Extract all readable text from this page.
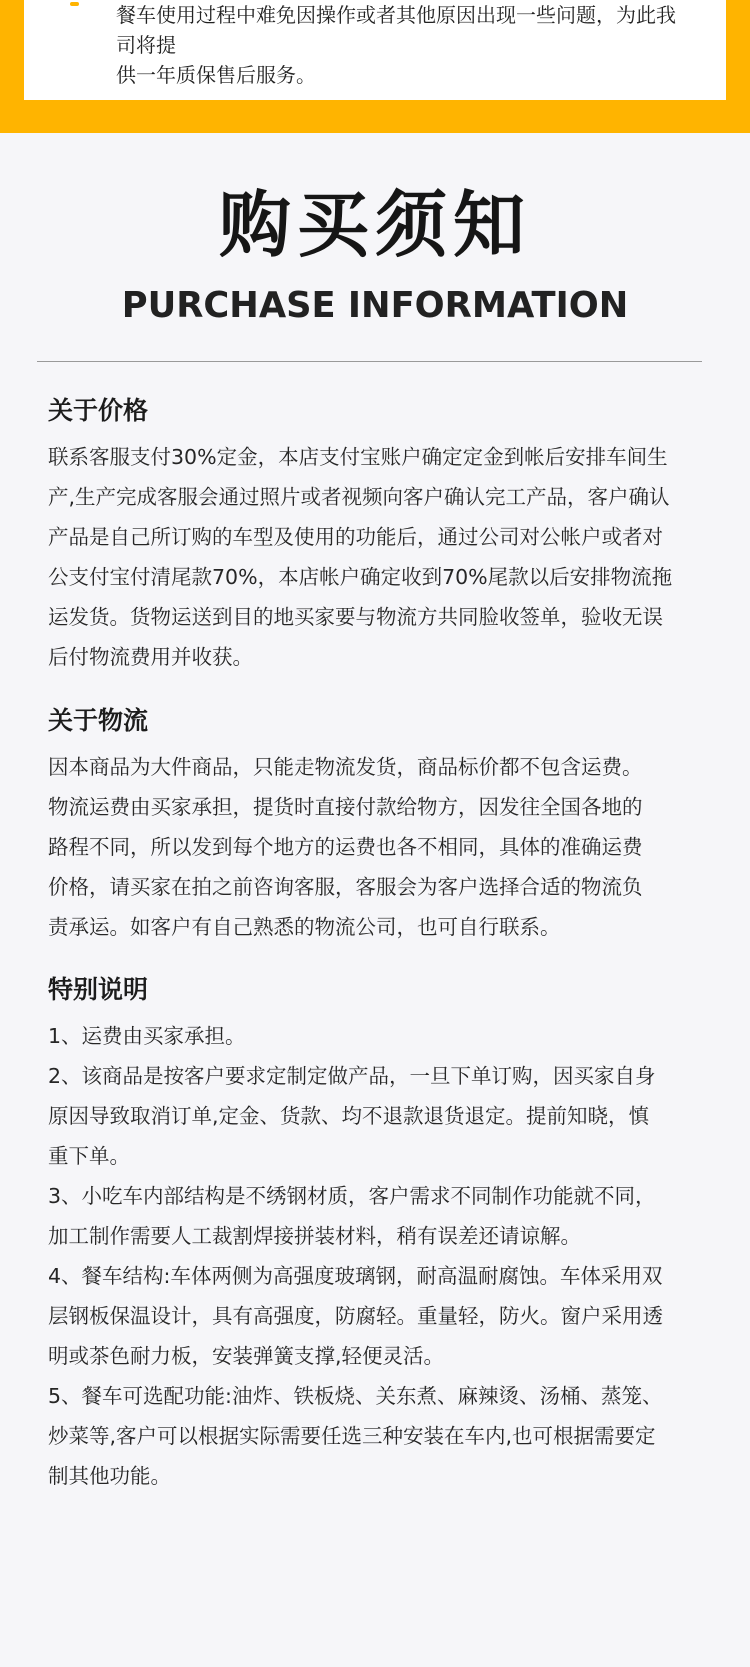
餐车使用过程中难免因操作或者其他原因出现一些问题，为此我司将提
供一年质保售后服务。
购买须知
PURCHASE INFORMATION
关于价格
联系客服支付30%定金，本店支付宝账户确定定金到帐后安排车间生
产,生产完成客服会通过照片或者视频向客户确认完工产品，客户确认
产品是自己所订购的车型及使用的功能后，通过公司对公帐户或者对
公支付宝付清尾款70%，本店帐户确定收到70%尾款以后安排物流拖
运发货。货物运送到目的地买家要与物流方共同脸收签单，验收无误
后付物流费用并收获。
关于物流
因本商品为大件商品，只能走物流发货，商品标价都不包含运费。
物流运费由买家承担，提货时直接付款给物方，因发往全国各地的
路程不同，所以发到每个地方的运费也各不相同，具体的准确运费
价格，请买家在拍之前咨询客服，客服会为客户选择合适的物流负
责承运。如客户有自己熟悉的物流公司，也可自行联系。
特别说明
1、运费由买家承担。
2、该商品是按客户要求定制定做产品，一旦下单订购，因买家自身
原因导致取消订单,定金、货款、均不退款退货退定。提前知晓，慎
重下单。
3、小吃车内部结构是不绣钢材质，客户需求不同制作功能就不同，
加工制作需要人工裁割焊接拼装材料，稍有误差还请谅解。
4、餐车结构:车体两侧为高强度玻璃钢，耐高温耐腐蚀。车体采用双
层钢板保温设计，具有高强度，防腐轻。重量轻，防火。窗户采用透
明或茶色耐力板，安装弹簧支撑,轻便灵活。
5、餐车可选配功能:油炸、铁板烧、关东煮、麻辣烫、汤桶、蒸笼、
炒菜等,客户可以根据实际需要任选三种安装在车内,也可根据需要定
制其他功能。
